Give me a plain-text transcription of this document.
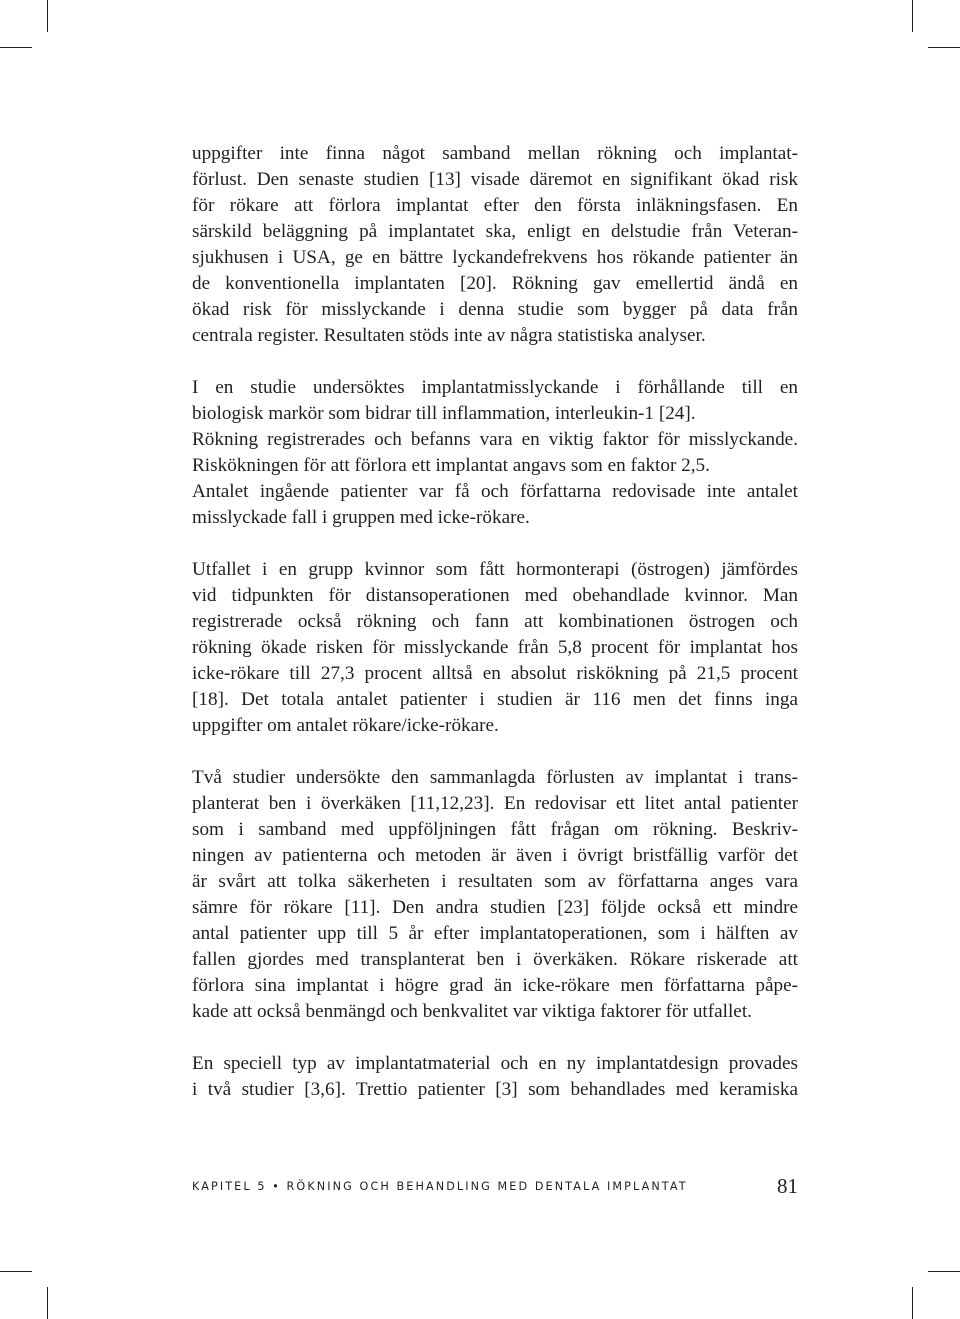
uppgifter inte finna något samband mellan rökning och implantat-
förlust. Den senaste studien [13] visade däremot en signifikant ökad risk
för rökare att förlora implantat efter den första inläkningsfasen. En
särskild beläggning på implantatet ska, enligt en delstudie från Veteran-
sjukhusen i USA, ge en bättre lyckandefrekvens hos rökande patienter än
de konventionella implantaten [20]. Rökning gav emellertid ändå en
ökad risk för misslyckande i denna studie som bygger på data från
centrala register. Resultaten stöds inte av några statistiska analyser.
I en studie undersöktes implantatmisslyckande i förhållande till en
biologisk markör som bidrar till inflammation, interleukin-1 [24].
Rökning registrerades och befanns vara en viktig faktor för misslyckande.
Riskökningen för att förlora ett implantat angavs som en faktor 2,5.
Antalet ingående patienter var få och författarna redovisade inte antalet
misslyckade fall i gruppen med icke-rökare.
Utfallet i en grupp kvinnor som fått hormonterapi (östrogen) jämfördes
vid tidpunkten för distansoperationen med obehandlade kvinnor. Man
registrerade också rökning och fann att kombinationen östrogen och
rökning ökade risken för misslyckande från 5,8 procent för implantat hos
icke-rökare till 27,3 procent alltså en absolut riskökning på 21,5 procent
[18]. Det totala antalet patienter i studien är 116 men det finns inga
uppgifter om antalet rökare/icke-rökare.
Två studier undersökte den sammanlagda förlusten av implantat i trans-
planterat ben i överkäken [11,12,23]. En redovisar ett litet antal patienter
som i samband med uppföljningen fått frågan om rökning. Beskriv-
ningen av patienterna och metoden är även i övrigt bristfällig varför det
är svårt att tolka säkerheten i resultaten som av författarna anges vara
sämre för rökare [11]. Den andra studien [23] följde också ett mindre
antal patienter upp till 5 år efter implantatoperationen, som i hälften av
fallen gjordes med transplanterat ben i överkäken. Rökare riskerade att
förlora sina implantat i högre grad än icke-rökare men författarna påpe-
kade att också benmängd och benkvalitet var viktiga faktorer för utfallet.
En speciell typ av implantatmaterial och en ny implantatdesign provades
i två studier [3,6]. Trettio patienter [3] som behandlades med keramiska
KAPITEL 5 • RÖKNING OCH BEHANDLING MED DENTALA IMPLANTAT	81
